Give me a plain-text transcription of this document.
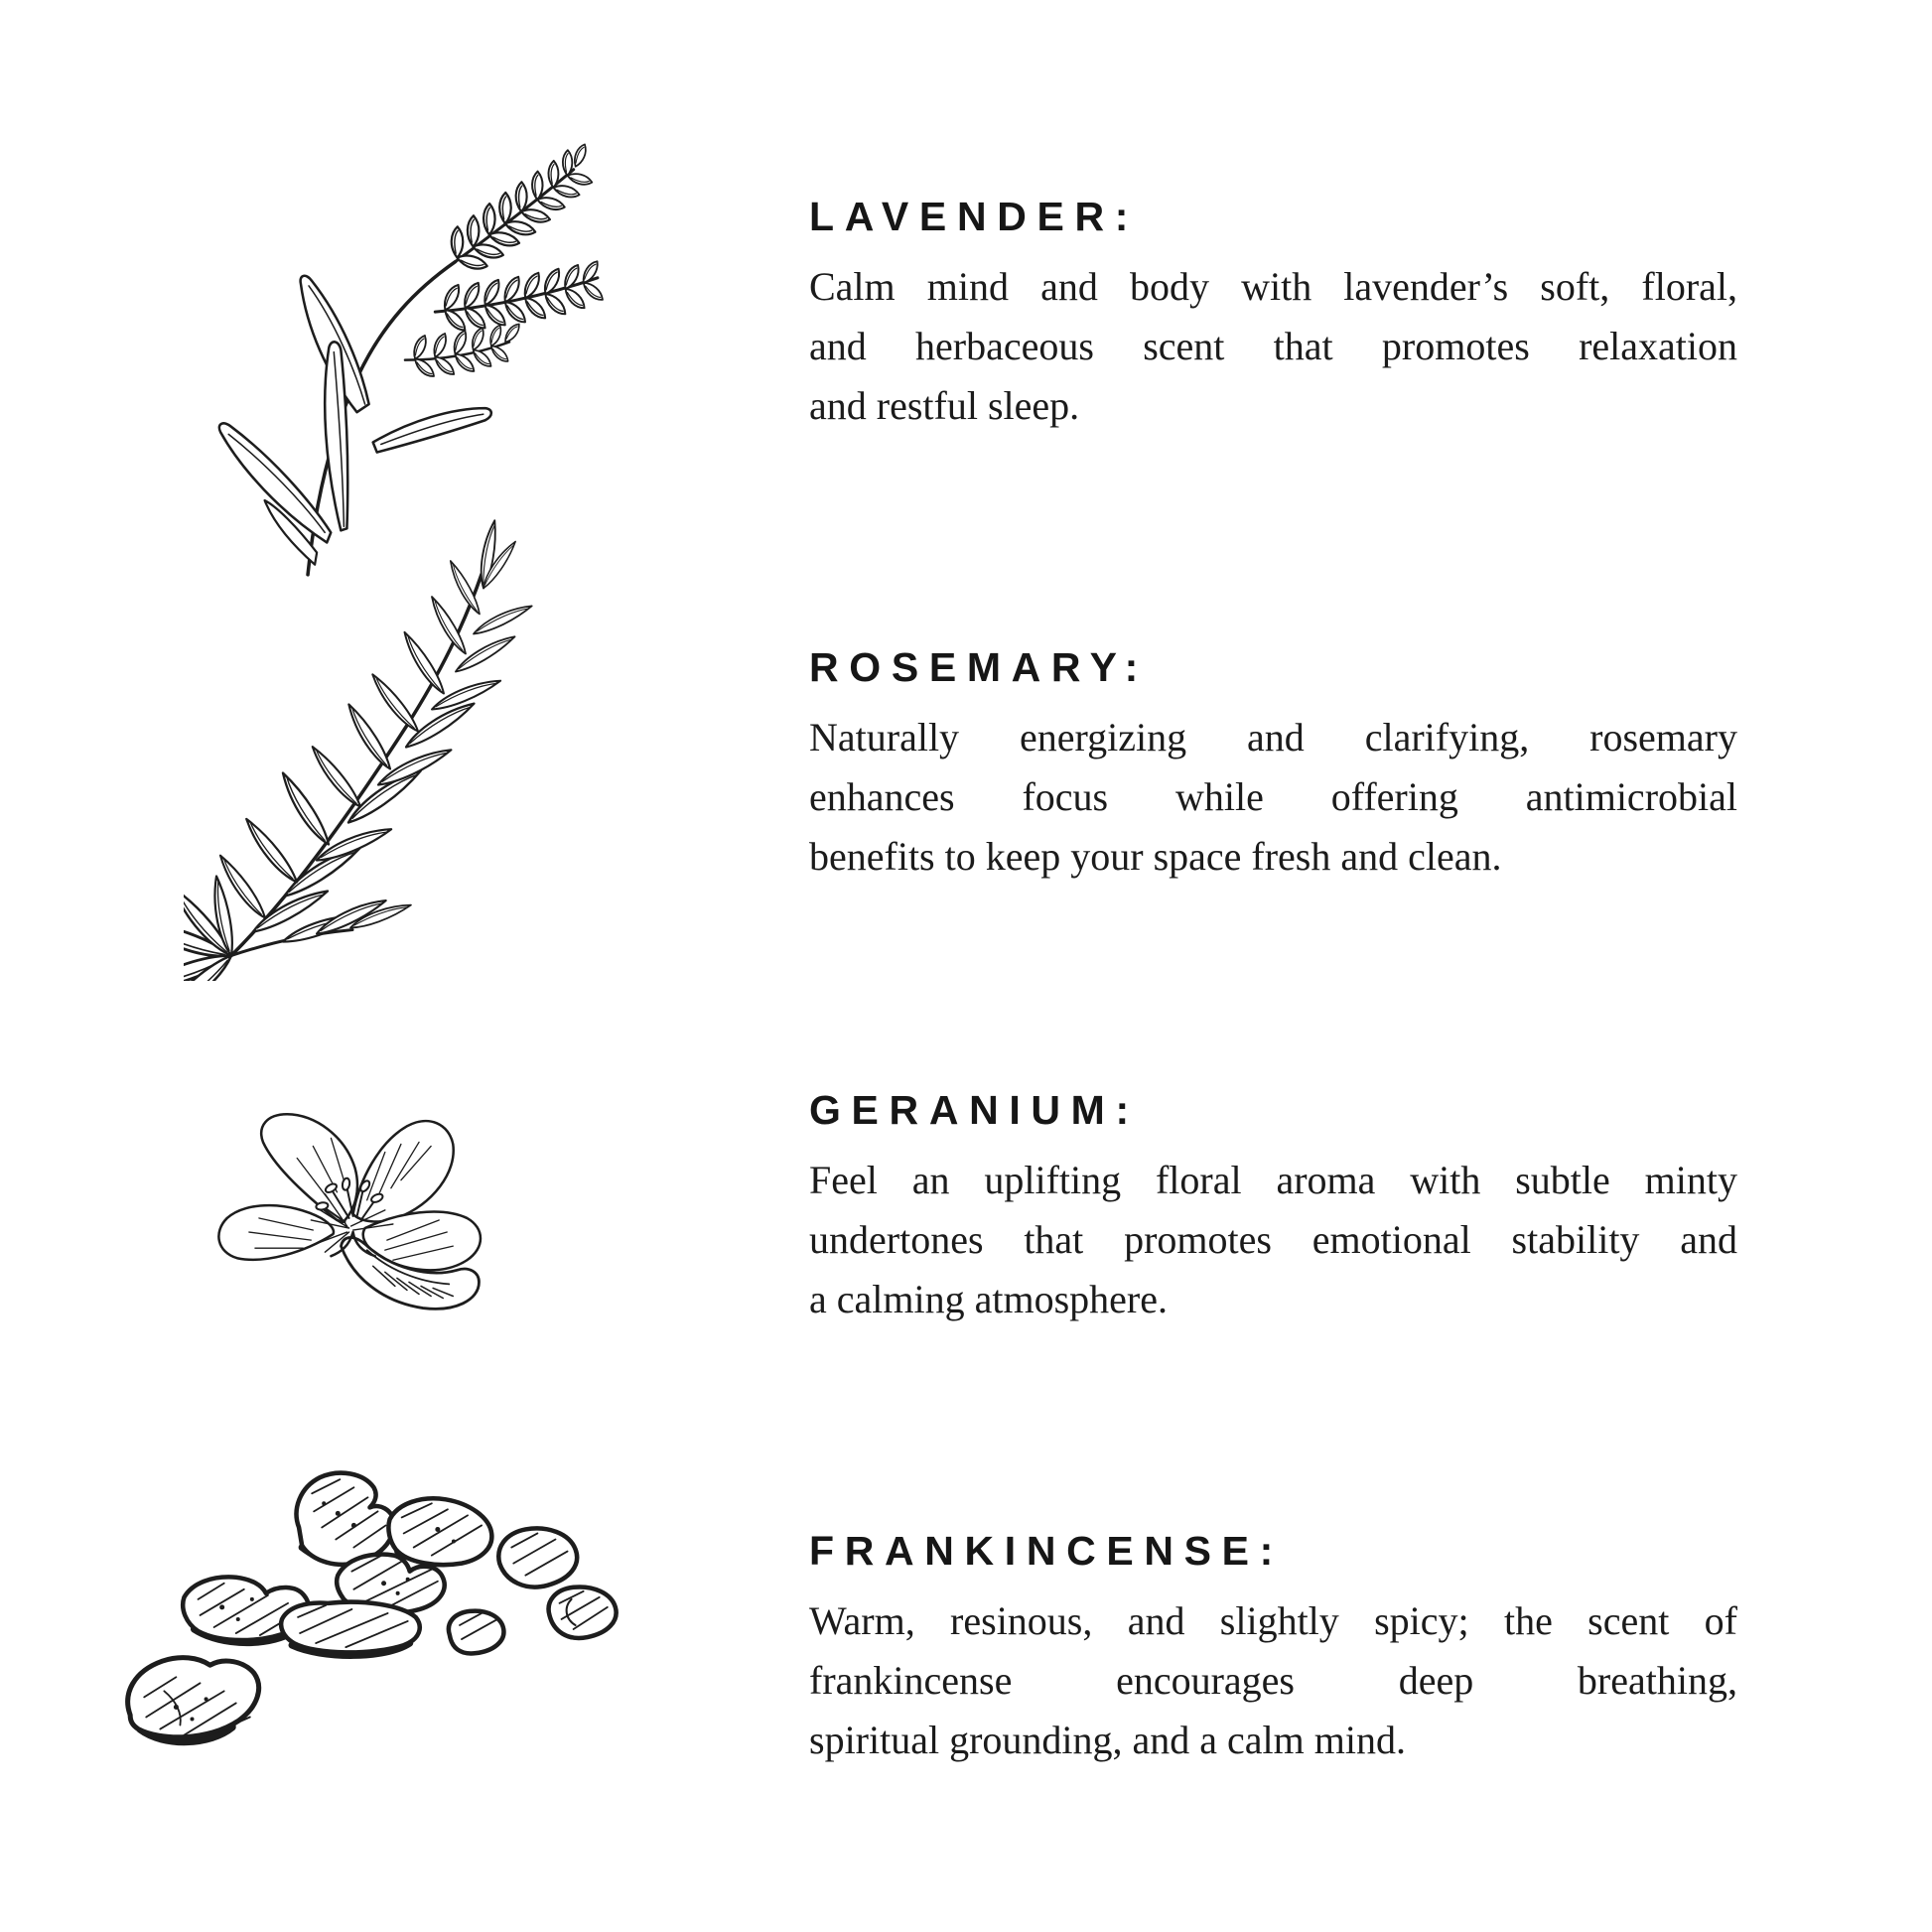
LAVENDER:

Calm mind and body with lavender’s soft, floral,
and herbaceous scent that promotes relaxation
and restful sleep.

ROSEMARY:

Naturally energizing and clarifying, rosemary
enhances focus while offering antimicrobial
benefits to keep your space fresh and clean.

GERANIUM:

Feel an uplifting floral aroma with subtle minty
undertones that promotes emotional stability and
a calming atmosphere.

FRANKINCENSE:

Warm, resinous, and slightly spicy; the scent of
frankincense encourages deep breathing,
spiritual grounding, and a calm mind.
